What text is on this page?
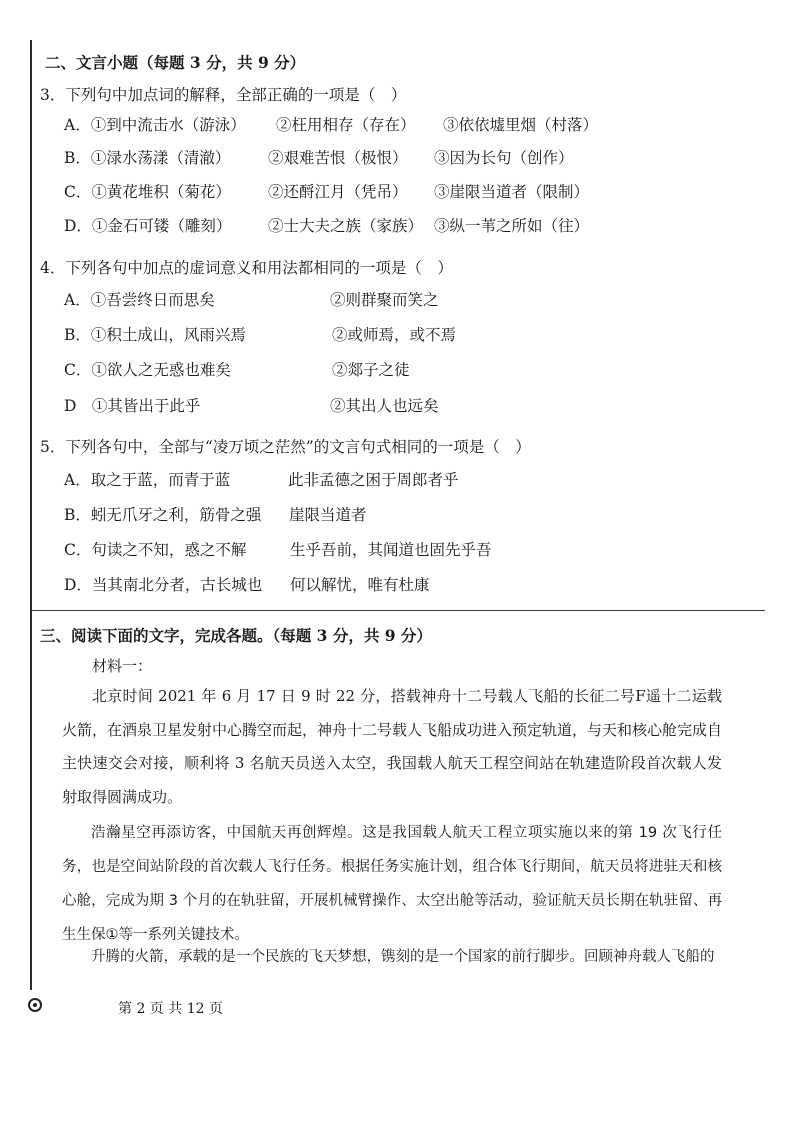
二、文言小题（每题 3 分，共 9 分）
3．下列句中加点词的解释，全部正确的一项是（　）
A．①到中流击水（游泳） ②枉用相存（存在） ③依依墟里烟（村落）
B．①渌水荡漾（清澈） ②艰难苦恨（极恨） ③因为长句（创作）
C．①黄花堆积（菊花） ②还酹江月（凭吊） ③崖限当道者（限制）
D．①金石可镂（雕刻） ②士大夫之族（家族） ③纵一苇之所如（往）
4．下列各句中加点的虚词意义和用法都相同的一项是（　）
A．①吾尝终日而思矣	②则群聚而笑之
B．①积土成山，风雨兴焉	②或师焉，或不焉
C．①欲人之无惑也难矣	②郯子之徒
D　①其皆出于此乎	②其出人也远矣
5．下列各句中，全部与“凌万顷之茫然”的文言句式相同的一项是（　）
A．取之于蓝，而青于蓝	此非孟德之困于周郎者乎
B．蚓无爪牙之利，筋骨之强 崖限当道者
C．句读之不知，惑之不解	生乎吾前，其闻道也固先乎吾
D．当其南北分者，古长城也 何以解忧，唯有杜康
三、阅读下面的文字，完成各题。（每题 3 分，共 9 分）
材料一：
北京时间 2021 年 6 月 17 日 9 时 22 分，搭载神舟十二号载人飞船的长征二号F遥十二运载火箭，在酒泉卫星发射中心腾空而起，神舟十二号载人飞船成功进入预定轨道，与天和核心舱完成自主快速交会对接，顺利将 3 名航天员送入太空，我国载人航天工程空间站在轨建造阶段首次载人发射取得圆满成功。
浩瀚星空再添访客，中国航天再创辉煌。这是我国载人航天工程立项实施以来的第 19 次飞行任务，也是空间站阶段的首次载人飞行任务。根据任务实施计划，组合体飞行期间，航天员将进驻天和核心舱，完成为期 3 个月的在轨驻留，开展机械臂操作、太空出舱等活动，验证航天员长期在轨驻留、再生生保①等一系列关键技术。
升腾的火箭，承载的是一个民族的飞天梦想，镌刻的是一个国家的前行脚步。回顾神舟载人飞船的
第 2 页 共 12 页
